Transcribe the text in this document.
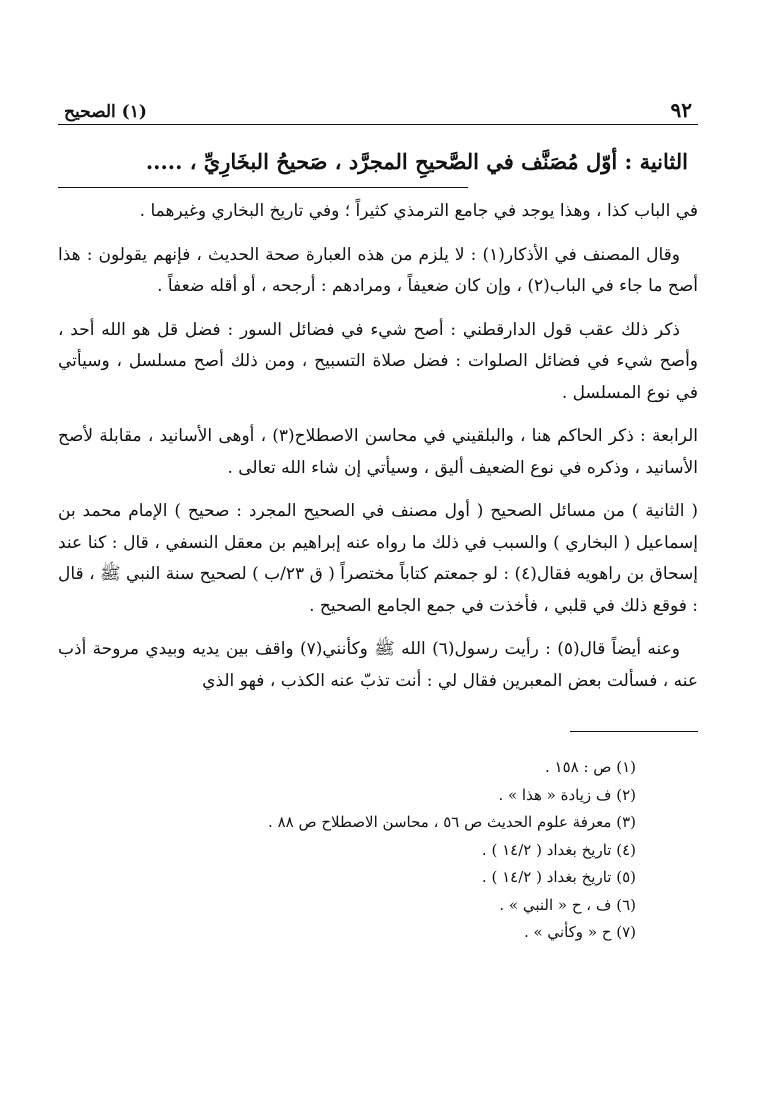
٩٢
(١) الصحيح
الثانية : أوّل مُصَنَّف في الصَّحيحِ المجرَّد ، صَحيحُ البخَارِيِّ ، .....

في الباب كذا ، وهذا يوجد في جامع الترمذي كثيراً ؛ وفي تاريخ البخاري وغيرهما .

وقال المصنف في الأذكار(١) : لا يلزم من هذه العبارة صحة الحديث ، فإنهم يقولون : هذا أصح ما جاء في الباب(٢) ، وإن كان ضعيفاً ، ومرادهم : أرجحه ، أو أقله ضعفاً .

ذكر ذلك عقب قول الدارقطني : أصح شيء في فضائل السور : فضل قل هو الله أحد ، وأصح شيء في فضائل الصلوات : فضل صلاة التسبيح ، ومن ذلك أصح مسلسل ، وسيأتي في نوع المسلسل .

الرابعة : ذكر الحاكم هنا ، والبلقيني في محاسن الاصطلاح(٣) ، أوهى الأسانيد ، مقابلة لأصح الأسانيد ، وذكره في نوع الضعيف أليق ، وسيأتي إن شاء الله تعالى .

( الثانية ) من مسائل الصحيح ( أول مصنف في الصحيح المجرد : صحيح ) الإمام محمد بن إسماعيل ( البخاري ) والسبب في ذلك ما رواه عنه إبراهيم بن معقل النسفي ، قال : كنا عند إسحاق بن راهويه فقال(٤) : لو جمعتم كتاباً مختصراً ( ق ٢٣/ب ) لصحيح سنة النبي ﷺ ، قال : فوقع ذلك في قلبي ، فأخذت في جمع الجامع الصحيح .

وعنه أيضاً قال(٥) : رأيت رسول(٦) الله ﷺ وكأنني(٧) واقف بين يديه وبيدي مروحة أذب عنه ، فسألت بعض المعبرين فقال لي : أنت تذبّ عنه الكذب ، فهو الذي

(١) ص : ١٥٨ .
(٢) ف زيادة « هذا » .
(٣) معرفة علوم الحديث ص ٥٦ ، محاسن الاصطلاح ص ٨٨ .
(٤) تاريخ بغداد ( ١٤/٢ ) .
(٥) تاريخ بغداد ( ١٤/٢ ) .
(٦) ف ، ح « النبي » .
(٧) ح « وكأني » .
